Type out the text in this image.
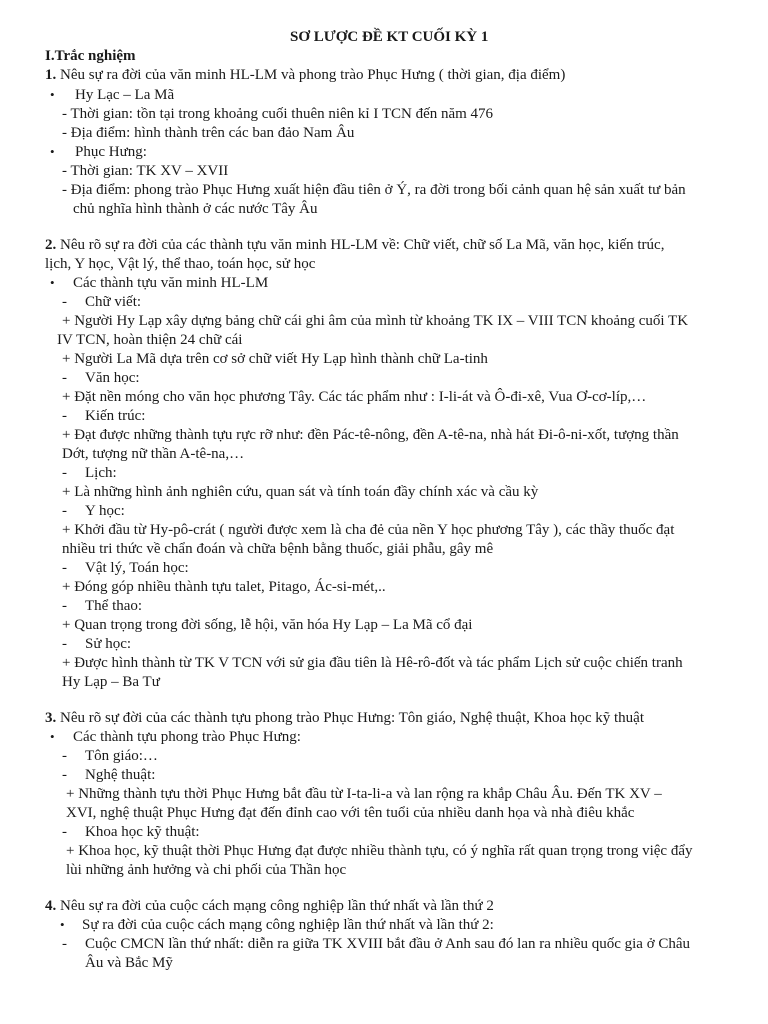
SƠ LƯỢC ĐỀ KT CUỐI KỲ 1
I.Trắc nghiệm
1. Nêu sự ra đời của văn minh HL-LM và phong trào Phục Hưng ( thời gian, địa điểm)
• Hy Lạc – La Mã
- Thời gian: tồn tại trong khoảng cuối thuên niên kỉ I TCN đến năm 476
- Địa điểm: hình thành trên các ban đảo Nam Âu
• Phục Hưng:
- Thời gian: TK XV – XVII
- Địa điểm: phong trào Phục Hưng xuất hiện đầu tiên ở Ý, ra đời trong bối cảnh quan hệ sản xuất tư bản
chủ nghĩa hình thành ở các nước Tây Âu
2. Nêu rõ sự ra đời của các thành tựu văn minh HL-LM về: Chữ viết, chữ số La Mã, văn học, kiến trúc,
lịch, Y học, Vật lý, thể thao, toán học, sử học
• Các thành tựu văn minh HL-LM
- Chữ viết:
+ Người Hy Lạp xây dựng bảng chữ cái ghi âm của mình từ khoảng TK IX – VIII TCN khoảng cuối TK
IV TCN, hoàn thiện 24 chữ cái
+ Người La Mã dựa trên cơ sở chữ viết Hy Lạp hình thành chữ La-tinh
- Văn học:
+ Đặt nền móng cho văn học phương Tây. Các tác phẩm như : I-li-át và Ô-đi-xê, Vua Ơ-cơ-líp,…
- Kiến trúc:
+ Đạt được những thành tựu rực rỡ như: đền Pác-tê-nông, đền A-tê-na, nhà hát Đi-ô-ni-xốt, tượng thần
Dớt, tượng nữ thần A-tê-na,…
- Lịch:
+ Là những hình ảnh nghiên cứu, quan sát và tính toán đầy chính xác và cầu kỳ
- Y học:
+ Khởi đầu từ Hy-pô-crát ( người được xem là cha đẻ của nền Y học phương Tây ), các thầy thuốc đạt
nhiều tri thức về chẩn đoán và chữa bệnh bằng thuốc, giải phẫu, gây mê
- Vật lý, Toán học:
+ Đóng góp nhiều thành tựu talet, Pitago, Ác-si-mét,..
- Thể thao:
+ Quan trọng trong đời sống, lễ hội, văn hóa Hy Lạp – La Mã cổ đại
- Sử học:
+ Được hình thành từ TK V TCN với sử gia đầu tiên là Hê-rô-đốt và tác phẩm Lịch sử cuộc chiến tranh
Hy Lạp – Ba Tư
3. Nêu rõ sự đời của các thành tựu phong trào Phục Hưng: Tôn giáo, Nghệ thuật, Khoa học kỹ thuật
• Các thành tựu phong trào Phục Hưng:
- Tôn giáo:…
- Nghệ thuật:
+ Những thành tựu thời Phục Hưng bắt đầu từ I-ta-li-a và lan rộng ra khắp Châu Âu. Đến TK XV –
XVI, nghệ thuật Phục Hưng đạt đến đỉnh cao với tên tuổi của nhiều danh họa và nhà điêu khắc
- Khoa học kỹ thuật:
+ Khoa học, kỹ thuật thời Phục Hưng đạt được nhiều thành tựu, có ý nghĩa rất quan trọng trong việc đẩy
lùi những ảnh hưởng và chi phối của Thần học
4. Nêu sự ra đời của cuộc cách mạng công nghiệp lần thứ nhất và lần thứ 2
• Sự ra đời của cuộc cách mạng công nghiệp lần thứ nhất và lần thứ 2:
- Cuộc CMCN lần thứ nhất: diễn ra giữa TK XVIII bắt đầu ở Anh sau đó lan ra nhiều quốc gia ở Châu
Âu và Bắc Mỹ
